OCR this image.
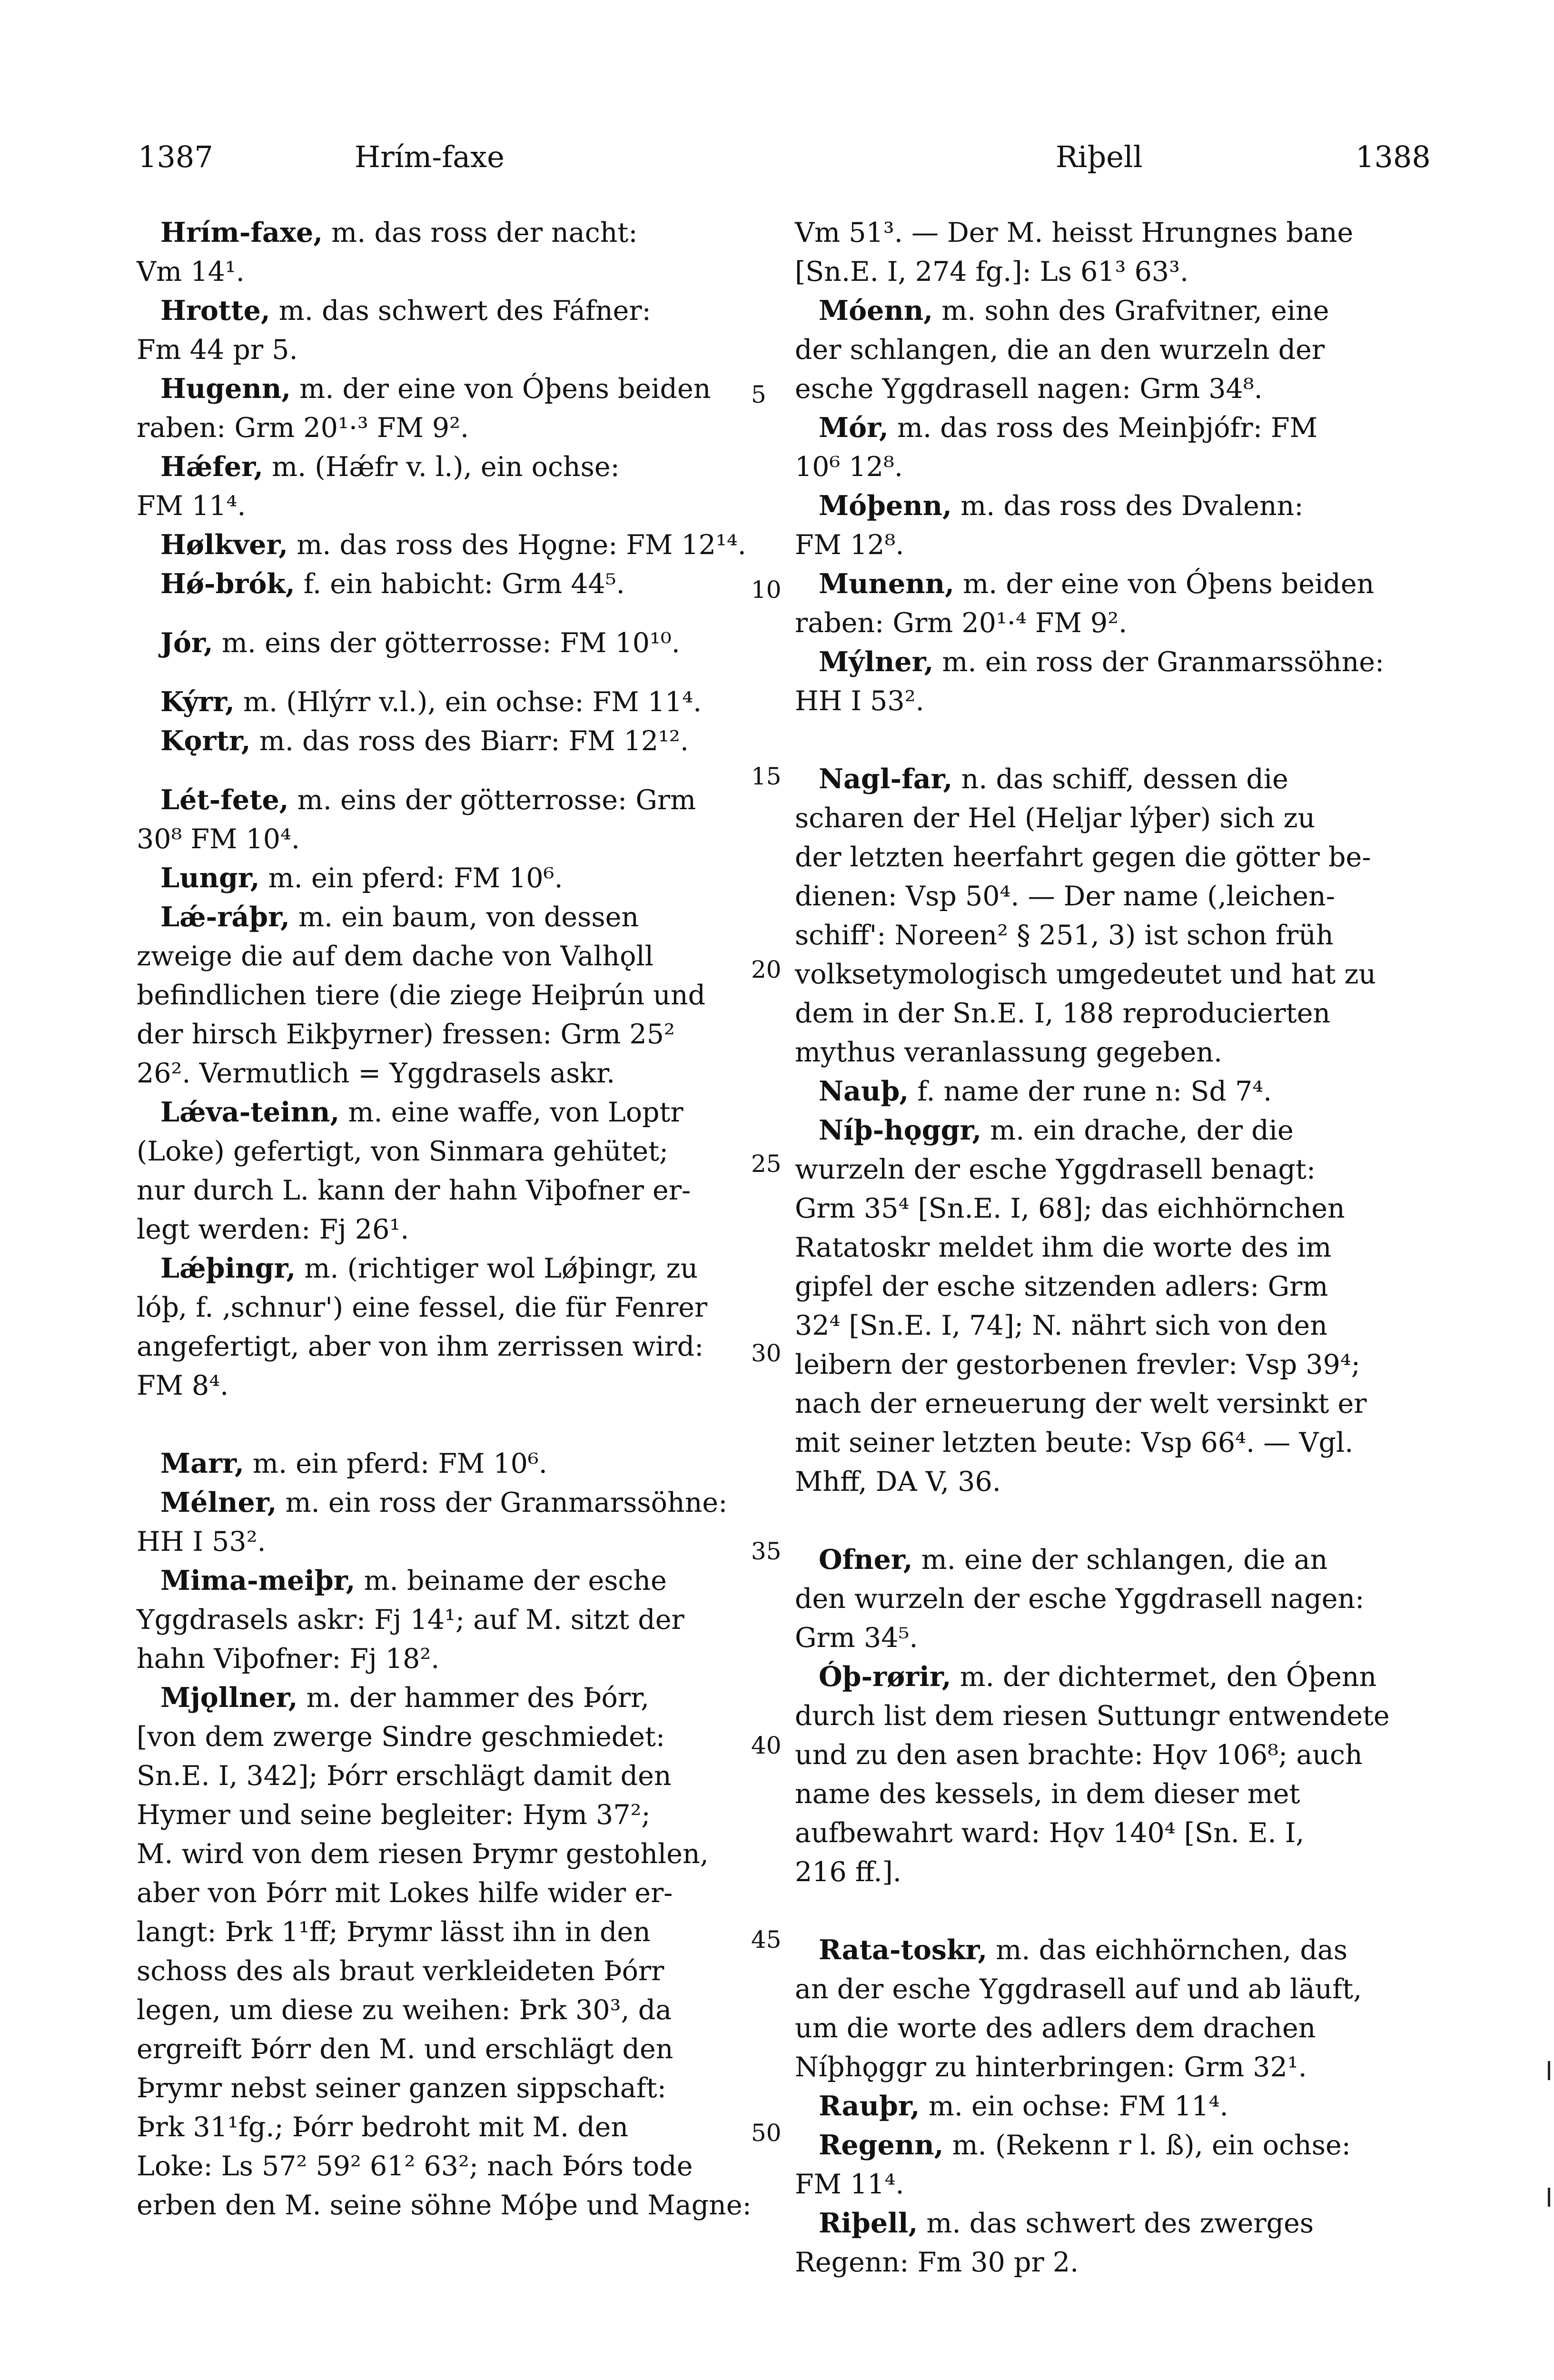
1387	Hrím-faxe	Riþell	1388
Hrím-faxe, m. das ross der nacht:
Vm 14¹.
Hrotte, m. das schwert des Fáfner:
Fm 44 pr 5.
Hugenn, m. der eine von Óþens beiden
raben: Grm 20¹·³ FM 9².
Hǽfer, m. (Hǽfr v. l.), ein ochse:
FM 11⁴.
Hølkver, m. das ross des Hǫgne: FM 12¹⁴.
Hǿ-brók, f. ein habicht: Grm 44⁵.
Jór, m. eins der götterrosse: FM 10¹⁰.
Kýrr, m. (Hlýrr v.l.), ein ochse: FM 11⁴.
Kǫrtr, m. das ross des Biarr: FM 12¹².
Lét-fete, m. eins der götterrosse: Grm
30⁸ FM 10⁴.
Lungr, m. ein pferd: FM 10⁶.
Lǽ-ráþr, m. ein baum, von dessen
zweige die auf dem dache von Valhǫll
befindlichen tiere (die ziege Heiþrún und
der hirsch Eikþyrner) fressen: Grm 25²
26². Vermutlich = Yggdrasels askr.
Lǽva-teinn, m. eine waffe, von Loptr
(Loke) gefertigt, von Sinmara gehütet;
nur durch L. kann der hahn Viþofner er-
legt werden: Fj 26¹.
Lǽþingr, m. (richtiger wol Lǿþingr, zu
lóþ, f. ‚schnur') eine fessel, die für Fenrer
angefertigt, aber von ihm zerrissen wird:
FM 8⁴.
Marr, m. ein pferd: FM 10⁶.
Mélner, m. ein ross der Granmarssöhne:
HH I 53².
Mima-meiþr, m. beiname der esche
Yggdrasels askr: Fj 14¹; auf M. sitzt der
hahn Viþofner: Fj 18².
Mjǫllner, m. der hammer des Þórr,
[von dem zwerge Sindre geschmiedet:
Sn.E. I, 342]; Þórr erschlägt damit den
Hymer und seine begleiter: Hym 37²;
M. wird von dem riesen Þrymr gestohlen,
aber von Þórr mit Lokes hilfe wider er-
langt: Þrk 1¹ff; Þrymr lässt ihn in den
schoss des als braut verkleideten Þórr
legen, um diese zu weihen: Þrk 30³, da
ergreift Þórr den M. und erschlägt den
Þrymr nebst seiner ganzen sippschaft:
Þrk 31¹fg.; Þórr bedroht mit M. den
Loke: Ls 57² 59² 61² 63²; nach Þórs tode
erben den M. seine söhne Móþe und Magne:
Vm 51³. — Der M. heisst Hrungnes bane
[Sn.E. I, 274 fg.]: Ls 61³ 63³.
Móenn, m. sohn des Grafvitner, eine
der schlangen, die an den wurzeln der
esche Yggdrasell nagen: Grm 34⁸.
Mór, m. das ross des Meinþjófr: FM
10⁶ 12⁸.
Móþenn, m. das ross des Dvalenn:
FM 12⁸.
Munenn, m. der eine von Óþens beiden
raben: Grm 20¹·⁴ FM 9².
Mýlner, m. ein ross der Granmarssöhne:
HH I 53².
Nagl-far, n. das schiff, dessen die
scharen der Hel (Heljar lýþer) sich zu
der letzten heerfahrt gegen die götter be-
dienen: Vsp 50⁴. — Der name (‚leichen-
schiff': Noreen² § 251, 3) ist schon früh
volksetymologisch umgedeutet und hat zu
dem in der Sn.E. I, 188 reproducierten
mythus veranlassung gegeben.
Nauþ, f. name der rune n: Sd 7⁴.
Níþ-hǫggr, m. ein drache, der die
wurzeln der esche Yggdrasell benagt:
Grm 35⁴ [Sn.E. I, 68]; das eichhörnchen
Ratatoskr meldet ihm die worte des im
gipfel der esche sitzenden adlers: Grm
32⁴ [Sn.E. I, 74]; N. nährt sich von den
leibern der gestorbenen frevler: Vsp 39⁴;
nach der erneuerung der welt versinkt er
mit seiner letzten beute: Vsp 66⁴. — Vgl.
Mhff, DA V, 36.
Ofner, m. eine der schlangen, die an
den wurzeln der esche Yggdrasell nagen:
Grm 34⁵.
Óþ-rørir, m. der dichtermet, den Óþenn
durch list dem riesen Suttungr entwendete
und zu den asen brachte: Hǫv 106⁸; auch
name des kessels, in dem dieser met
aufbewahrt ward: Hǫv 140⁴ [Sn. E. I,
216 ff.].
Rata-toskr, m. das eichhörnchen, das
an der esche Yggdrasell auf und ab läuft,
um die worte des adlers dem drachen
Níþhǫggr zu hinterbringen: Grm 32¹.
Rauþr, m. ein ochse: FM 11⁴.
Regenn, m. (Rekenn r l. ß), ein ochse:
FM 11⁴.
Riþell, m. das schwert des zwerges
Regenn: Fm 30 pr 2.
5
10
15
20
25
30
35
40
45
50
